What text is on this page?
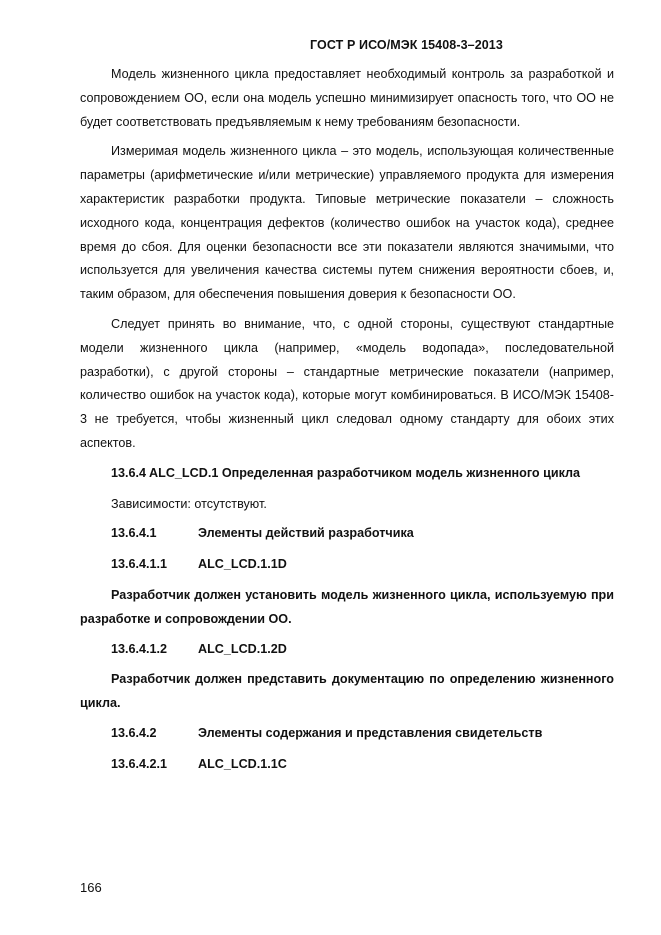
ГОСТ Р ИСО/МЭК 15408-3–2013

Модель жизненного цикла предоставляет необходимый контроль за разработкой и сопровождением ОО, если она модель успешно минимизирует опасность того, что ОО не будет соответствовать предъявляемым к нему требованиям безопасности.

Измеримая модель жизненного цикла – это модель, использующая количественные параметры (арифметические и/или метрические) управляемого продукта для измерения характеристик разработки продукта. Типовые метрические показатели – сложность исходного кода, концентрация дефектов (количество ошибок на участок кода), среднее время до сбоя. Для оценки безопасности все эти показатели являются значимыми, что используется для увеличения качества системы путем снижения вероятности сбоев, и, таким образом, для обеспечения повышения доверия к безопасности ОО.

Следует принять во внимание, что, с одной стороны, существуют стандартные модели жизненного цикла (например, «модель водопада», последовательной разработки), с другой стороны – стандартные метрические показатели (например, количество ошибок на участок кода), которые могут комбинироваться. В ИСО/МЭК 15408-3 не требуется, чтобы жизненный цикл следовал одному стандарту для обоих этих аспектов.

13.6.4 ALC_LCD.1 Определенная разработчиком модель жизненного цикла

Зависимости: отсутствуют.

13.6.4.1	Элементы действий разработчика
13.6.4.1.1 ALC_LCD.1.1D

Разработчик должен установить модель жизненного цикла, используемую при разработке и сопровождении ОО.

13.6.4.1.2 ALC_LCD.1.2D

Разработчик должен представить документацию по определению жизненного цикла.

13.6.4.2	Элементы содержания и представления свидетельств
13.6.4.2.1 ALC_LCD.1.1C
166
